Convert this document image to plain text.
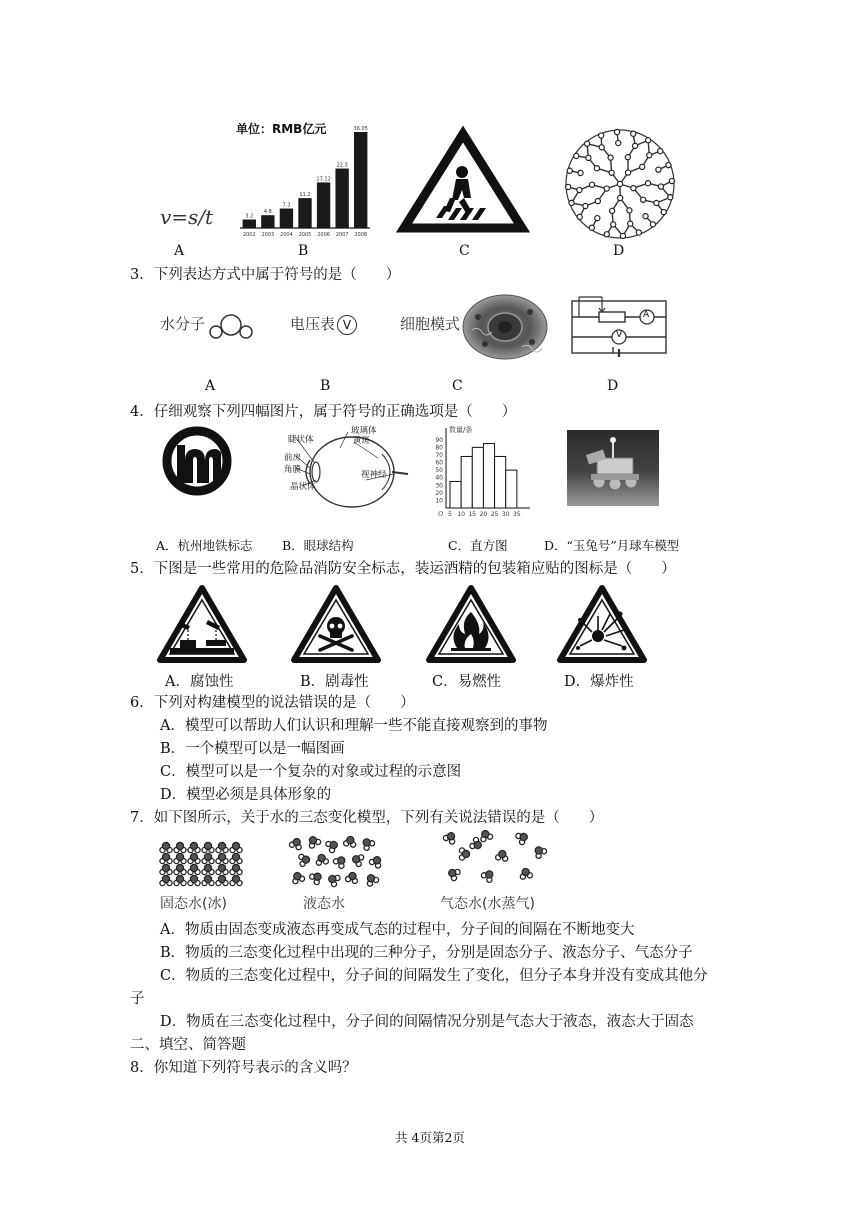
v=s/t
单位：RMB亿元
3.2
2002
4.8
2003
7.3
2004
11.2
2005
17.12
2006
22.3
2007
36.05
2008
A	B	C	D
3．下列表达方式中属于符号的是（　　）
水分子	电压表 V	细胞模式	A
V
A	B	C	D
4．仔细观察下列四幅图片，属于符号的正确选项是（　　）
玻璃体
黄斑
睫状体
前房
角膜
晶状体
视神经
数量/条
90
80
70
60
50
40
30
20
10
O 5 10 15 20 25 30 35
A．杭州地铁标志 B．眼球结构	C．直方图	D．“玉兔号”月球车模型
5．下图是一些常用的危险品消防安全标志，装运酒精的包装箱应贴的图标是（　　）
A．腐蚀性	B．剧毒性	C．易燃性	D．爆炸性
6．下列对构建模型的说法错误的是（　　）
A．模型可以帮助人们认识和理解一些不能直接观察到的事物
B．一个模型可以是一幅图画
C．模型可以是一个复杂的对象或过程的示意图
D．模型必须是具体形象的
7．如下图所示，关于水的三态变化模型，下列有关说法错误的是（　　）
固态水(冰)	液态水	气态水(水蒸气)
A．物质由固态变成液态再变成气态的过程中，分子间的间隔在不断地变大
B．物质的三态变化过程中出现的三种分子，分别是固态分子、液态分子、气态分子
C．物质的三态变化过程中，分子间的间隔发生了变化，但分子本身并没有变成其他分
子
D．物质在三态变化过程中，分子间的间隔情况分别是气态大于液态，液态大于固态
二、填空、简答题
8．你知道下列符号表示的含义吗？
共 4页第2页
